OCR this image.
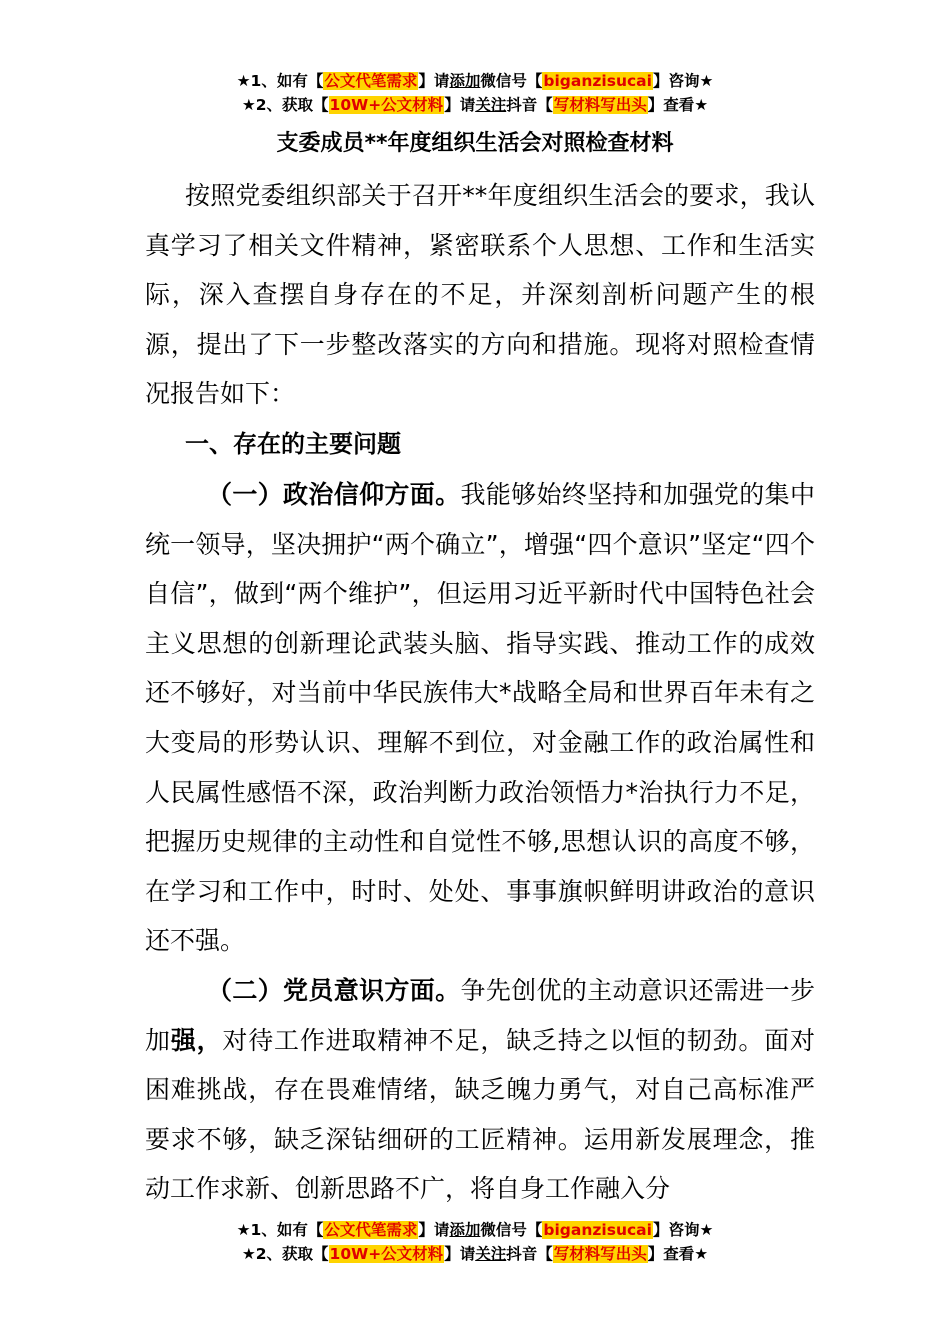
★1、如有【公文代笔需求】请添加微信号【biganzisucai】咨询★
★2、获取【10W+公文材料】请关注抖音【写材料写出头】查看★
支委成员**年度组织生活会对照检查材料

按照党委组织部关于召开**年度组织生活会的要求，我认真学习了相关文件精神，紧密联系个人思想、工作和生活实际，深入查摆自身存在的不足，并深刻剖析问题产生的根源，提出了下一步整改落实的方向和措施。现将对照检查情况报告如下：

一、存在的主要问题

（一）政治信仰方面。我能够始终坚持和加强党的集中统一领导，坚决拥护“两个确立”，增强“四个意识”坚定“四个自信”，做到“两个维护”，但运用习近平新时代中国特色社会主义思想的创新理论武装头脑、指导实践、推动工作的成效还不够好，对当前中华民族伟大*战略全局和世界百年未有之大变局的形势认识、理解不到位，对金融工作的政治属性和人民属性感悟不深，政治判断力政治领悟力*治执行力不足，把握历史规律的主动性和自觉性不够,思想认识的高度不够，在学习和工作中，时时、处处、事事旗帜鲜明讲政治的意识还不强。

（二）党员意识方面。争先创优的主动意识还需进一步加强，对待工作进取精神不足，缺乏持之以恒的韧劲。面对困难挑战，存在畏难情绪，缺乏魄力勇气，对自己高标准严要求不够，缺乏深钻细研的工匠精神。运用新发展理念，推动工作求新、创新思路不广，将自身工作融入分

★1、如有【公文代笔需求】请添加微信号【biganzisucai】咨询★
★2、获取【10W+公文材料】请关注抖音【写材料写出头】查看★
